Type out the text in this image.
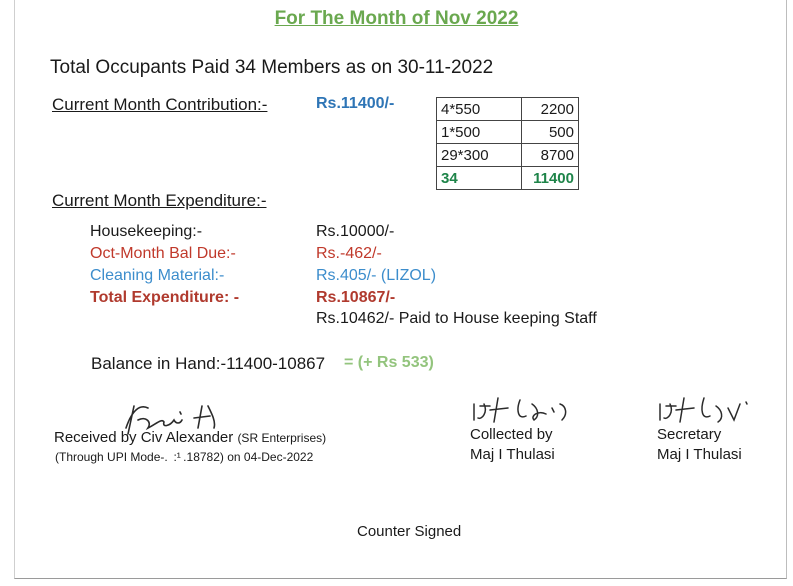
For The Month of Nov 2022
Total Occupants Paid 34 Members as on 30-11-2022
Current Month Contribution:-	Rs.11400/-	4*550	2200
1*500	500
29*300	8700
34	11400
Current Month Expenditure:-
Housekeeping:-	Rs.10000/-
Oct-Month Bal Due:-	Rs.-462/-
Cleaning Material:-	Rs.405/- (LIZOL)
Total Expenditure: -	Rs.10867/-
Rs.10462/- Paid to House keeping Staff
Balance in Hand:-11400-10867 = (+ Rs 533)
Received by Civ Alexander (SR Enterprises)
(Through UPI Mode-.  :¹ .18782) on 04-Dec-2022
Collected by
Maj I Thulasi
Secretary
Maj I Thulasi
Counter Signed
